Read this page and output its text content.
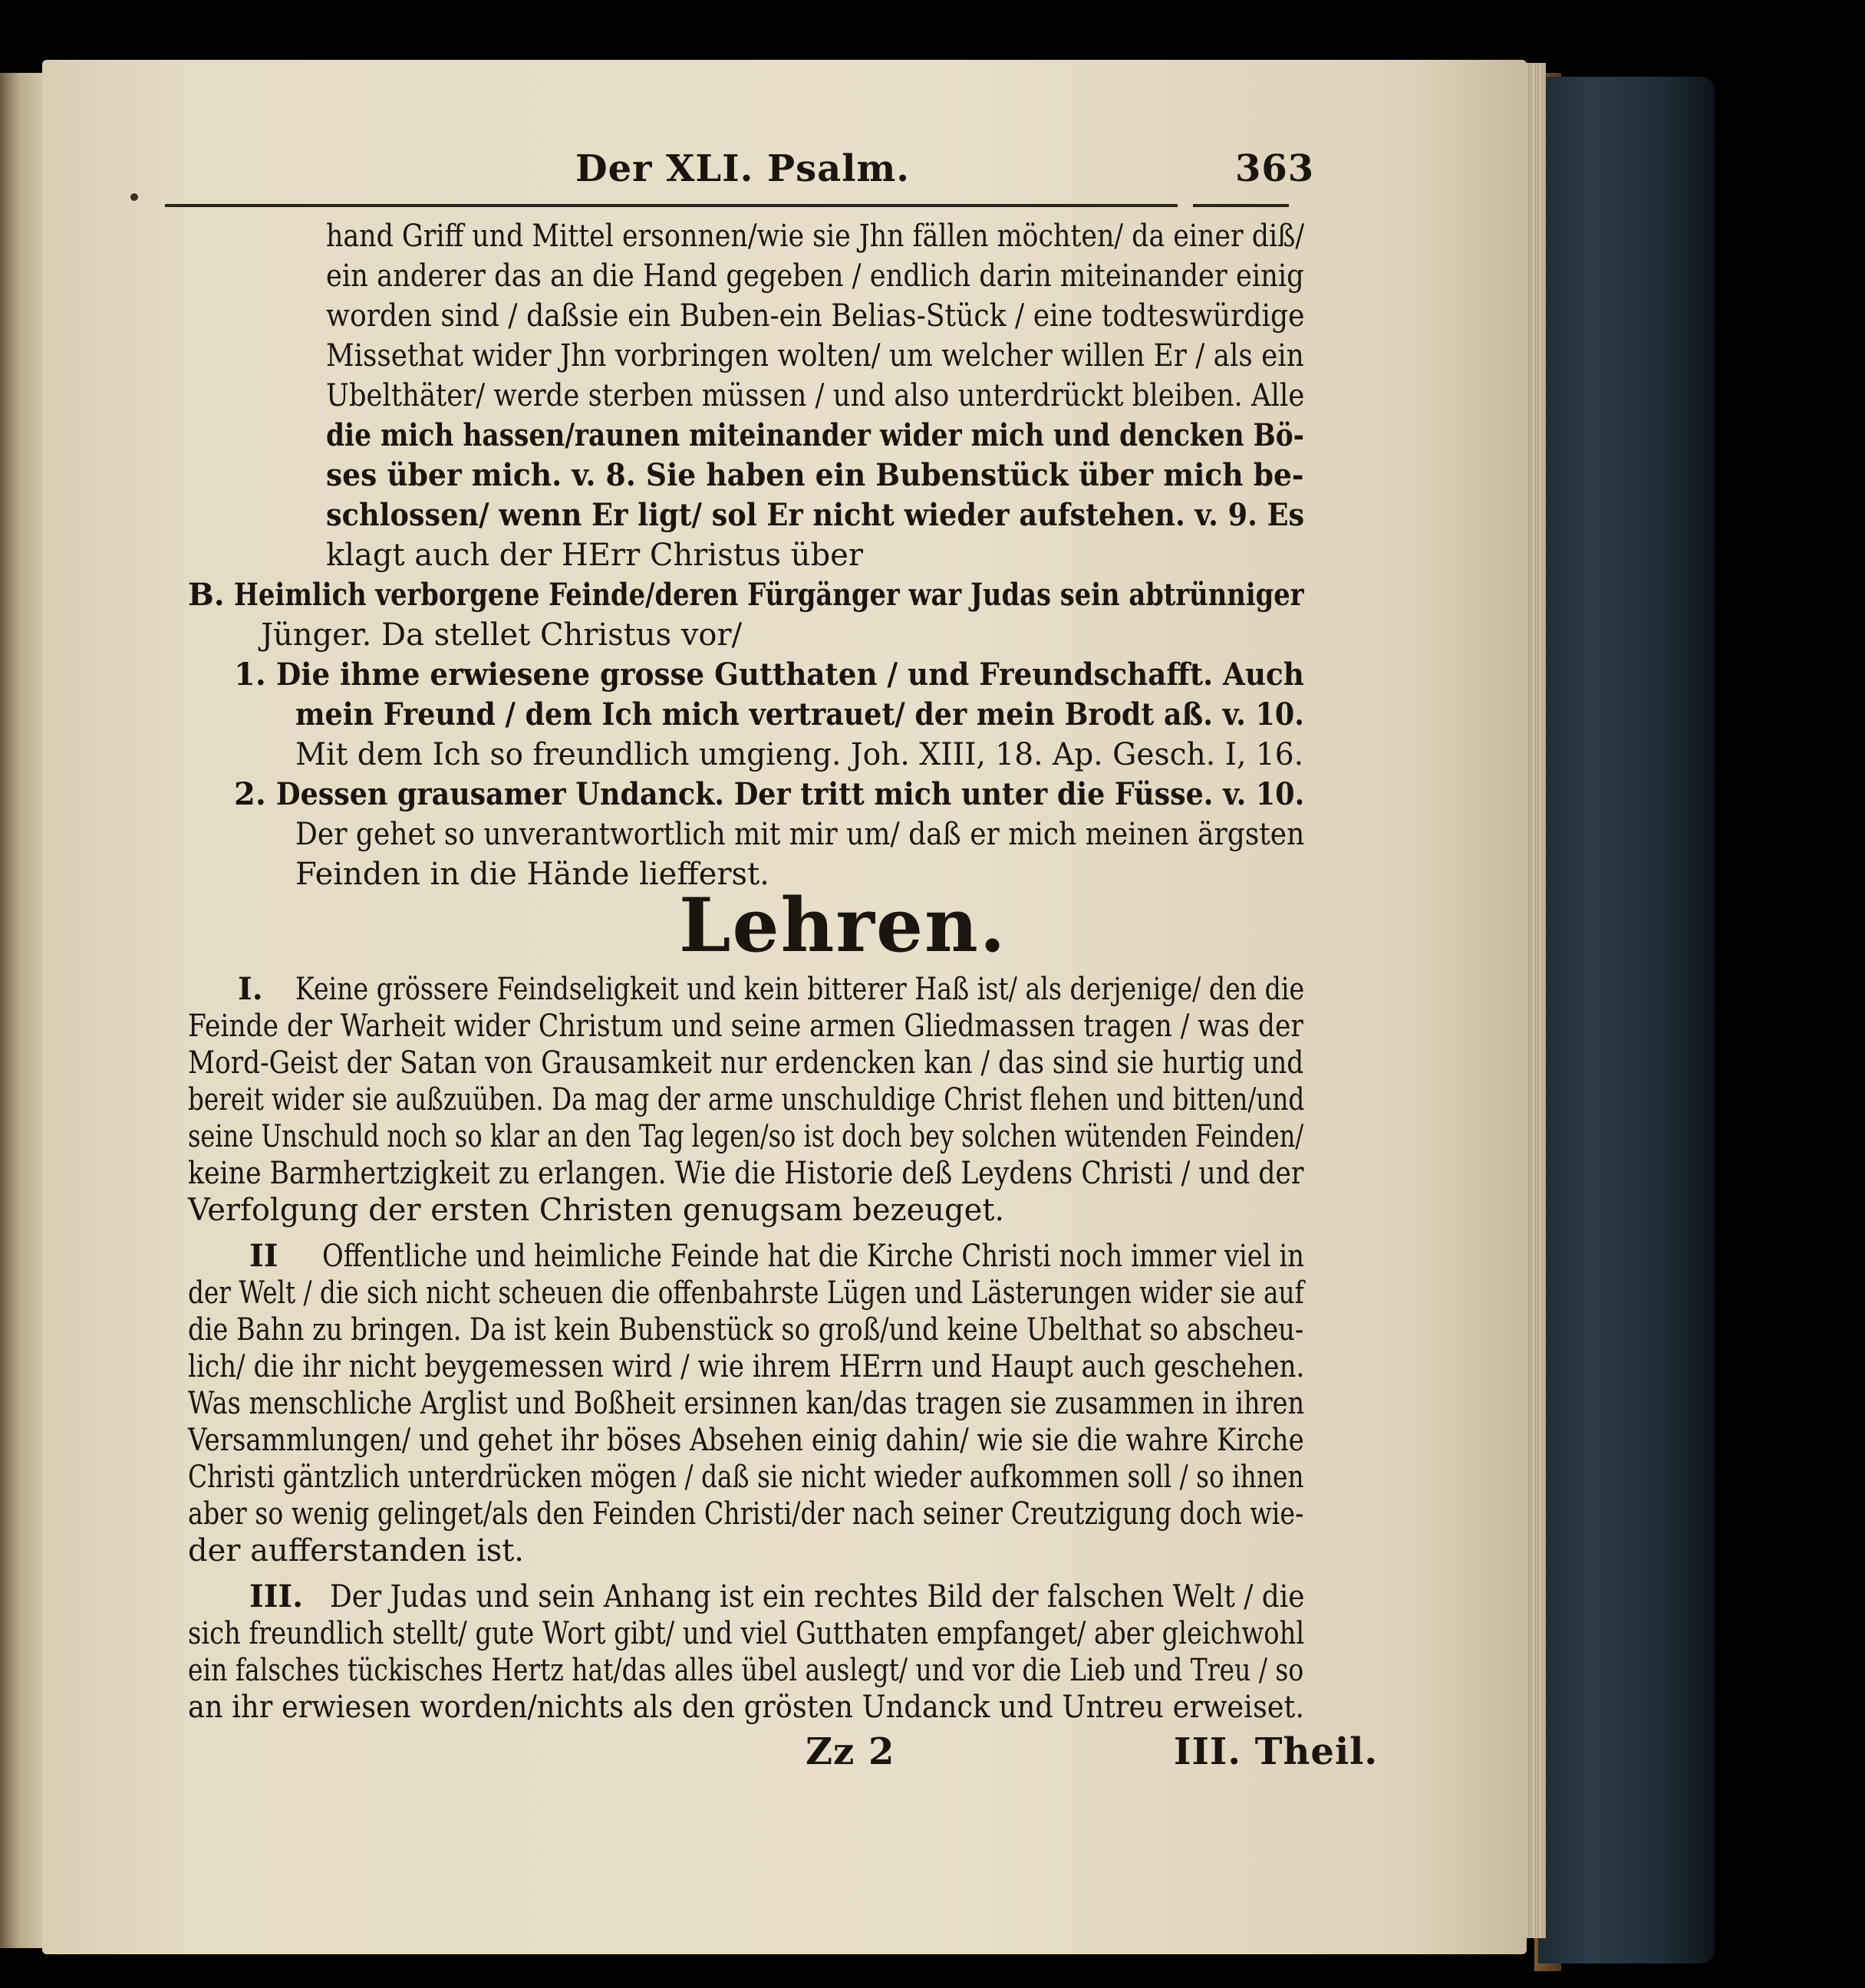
Der XLI. Psalm.	363
hand Griff und Mittel ersonnen/wie sie Jhn fällen möchten/ da einer diß/
ein anderer das an die Hand gegeben / endlich darin miteinander einig
worden sind / daßsie ein Buben-ein Belias-Stück / eine todteswürdige
Missethat wider Jhn vorbringen wolten/ um welcher willen Er / als ein
Ubelthäter/ werde sterben müssen / und also unterdrückt bleiben. Alle
die mich hassen/raunen miteinander wider mich und dencken Bö-
ses über mich. v. 8. Sie haben ein Bubenstück über mich be-
schlossen/ wenn Er ligt/ sol Er nicht wieder aufstehen. v. 9. Es
klagt auch der HErr Christus über
B. Heimlich verborgene Feinde/deren Fürgänger war Judas sein abtrünniger
Jünger. Da stellet Christus vor/
1. Die ihme erwiesene grosse Gutthaten / und Freundschafft. Auch
mein Freund / dem Ich mich vertrauet/ der mein Brodt aß. v. 10.
Mit dem Ich so freundlich umgieng. Joh. XIII, 18. Ap. Gesch. I, 16.
2. Dessen grausamer Undanck. Der tritt mich unter die Füsse. v. 10.
Der gehet so unverantwortlich mit mir um/ daß er mich meinen ärgsten
Feinden in die Hände liefferst.
Lehren.
I. Keine grössere Feindseligkeit und kein bitterer Haß ist/ als derjenige/ den die
Feinde der Warheit wider Christum und seine armen Gliedmassen tragen / was der
Mord-Geist der Satan von Grausamkeit nur erdencken kan / das sind sie hurtig und
bereit wider sie außzuüben. Da mag der arme unschuldige Christ flehen und bitten/und
seine Unschuld noch so klar an den Tag legen/so ist doch bey solchen wütenden Feinden/
keine Barmhertzigkeit zu erlangen. Wie die Historie deß Leydens Christi / und der
Verfolgung der ersten Christen genugsam bezeuget.
II Offentliche und heimliche Feinde hat die Kirche Christi noch immer viel in
der Welt / die sich nicht scheuen die offenbahrste Lügen und Lästerungen wider sie auf
die Bahn zu bringen. Da ist kein Bubenstück so groß/und keine Ubelthat so abscheu-
lich/ die ihr nicht beygemessen wird / wie ihrem HErrn und Haupt auch geschehen.
Was menschliche Arglist und Boßheit ersinnen kan/das tragen sie zusammen in ihren
Versammlungen/ und gehet ihr böses Absehen einig dahin/ wie sie die wahre Kirche
Christi gäntzlich unterdrücken mögen / daß sie nicht wieder aufkommen soll / so ihnen
aber so wenig gelinget/als den Feinden Christi/der nach seiner Creutzigung doch wie-
der aufferstanden ist.
III. Der Judas und sein Anhang ist ein rechtes Bild der falschen Welt / die
sich freundlich stellt/ gute Wort gibt/ und viel Gutthaten empfanget/ aber gleichwohl
ein falsches tückisches Hertz hat/das alles übel auslegt/ und vor die Lieb und Treu / so
an ihr erwiesen worden/nichts als den grösten Undanck und Untreu erweiset.
Zz 2	III. Theil.
